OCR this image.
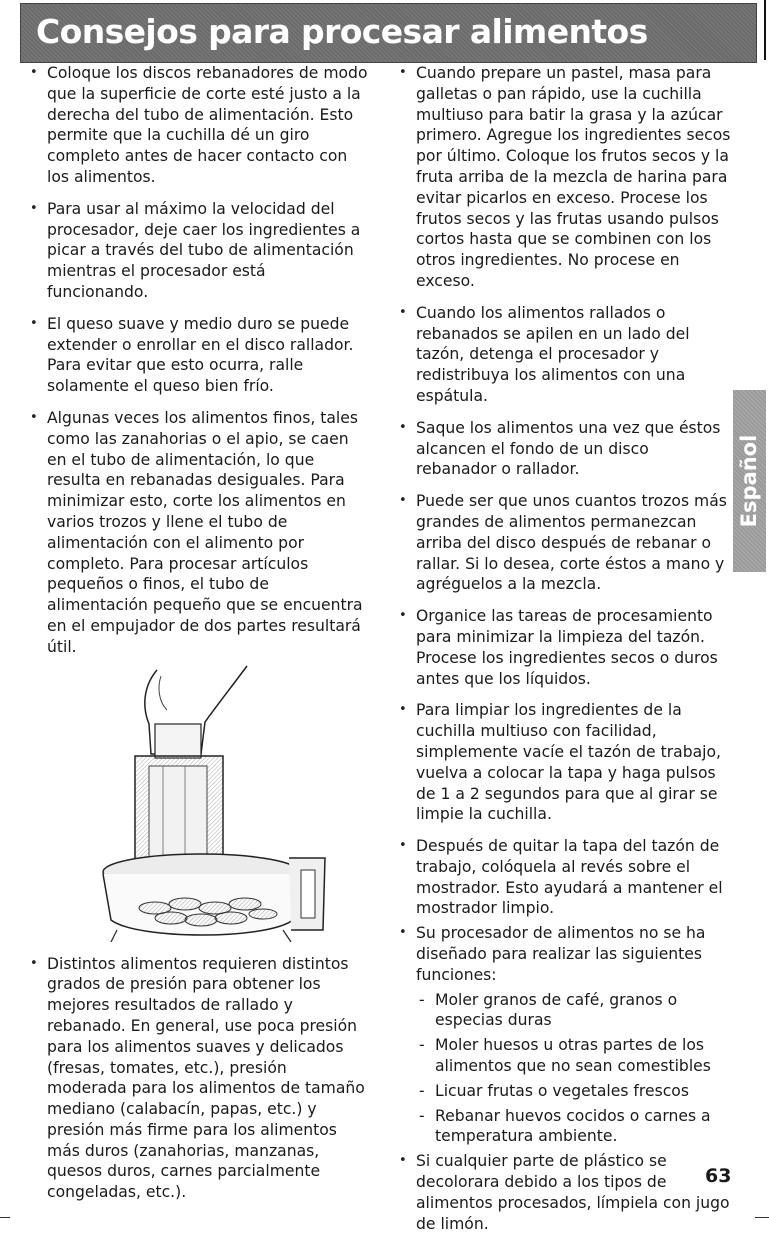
Consejos para procesar alimentos
• Coloque los discos rebanadores de modo que la superficie de corte esté justo a la derecha del tubo de alimentación. Esto permite que la cuchilla dé un giro completo antes de hacer contacto con los alimentos.
• Para usar al máximo la velocidad del procesador, deje caer los ingredientes a picar a través del tubo de alimentación mientras el procesador está funcionando.
• El queso suave y medio duro se puede extender o enrollar en el disco rallador. Para evitar que esto ocurra, ralle solamente el queso bien frío.
• Algunas veces los alimentos finos, tales como las zanahorias o el apio, se caen en el tubo de alimentación, lo que resulta en rebanadas desiguales. Para minimizar esto, corte los alimentos en varios trozos y llene el tubo de alimentación con el alimento por completo. Para procesar artículos pequeños o finos, el tubo de alimentación pequeño que se encuentra en el empujador de dos partes resultará útil.
• Distintos alimentos requieren distintos grados de presión para obtener los mejores resultados de rallado y rebanado. En general, use poca presión para los alimentos suaves y delicados (fresas, tomates, etc.), presión moderada para los alimentos de tamaño mediano (calabacín, papas, etc.) y presión más firme para los alimentos más duros (zanahorias, manzanas, quesos duros, carnes parcialmente congeladas, etc.).
• Cuando prepare un pastel, masa para galletas o pan rápido, use la cuchilla multiuso para batir la grasa y la azúcar primero. Agregue los ingredientes secos por último. Coloque los frutos secos y la fruta arriba de la mezcla de harina para evitar picarlos en exceso. Procese los frutos secos y las frutas usando pulsos cortos hasta que se combinen con los otros ingredientes. No procese en exceso.
• Cuando los alimentos rallados o rebanados se apilen en un lado del tazón, detenga el procesador y redistribuya los alimentos con una espátula.
• Saque los alimentos una vez que éstos alcancen el fondo de un disco rebanador o rallador.
• Puede ser que unos cuantos trozos más grandes de alimentos permanezcan arriba del disco después de rebanar o rallar. Si lo desea, corte éstos a mano y agréguelos a la mezcla.
• Organice las tareas de procesamiento para minimizar la limpieza del tazón. Procese los ingredientes secos o duros antes que los líquidos.
• Para limpiar los ingredientes de la cuchilla multiuso con facilidad, simplemente vacíe el tazón de trabajo, vuelva a colocar la tapa y haga pulsos de 1 a 2 segundos para que al girar se limpie la cuchilla.
• Después de quitar la tapa del tazón de trabajo, colóquela al revés sobre el mostrador. Esto ayudará a mantener el mostrador limpio.
• Su procesador de alimentos no se ha diseñado para realizar las siguientes funciones:
- Moler granos de café, granos o especias duras
- Moler huesos u otras partes de los alimentos que no sean comestibles
- Licuar frutas o vegetales frescos
- Rebanar huevos cocidos o carnes a temperatura ambiente.
• Si cualquier parte de plástico se decolorara debido a los tipos de alimentos procesados, límpiela con jugo de limón.
Español
63
